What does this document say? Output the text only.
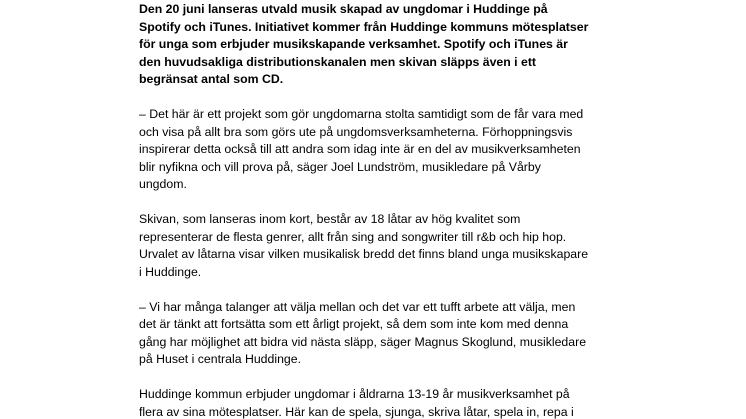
Den 20 juni lanseras utvald musik skapad av ungdomar i Huddinge på
Spotify och iTunes. Initiativet kommer från Huddinge kommuns mötesplatser
för unga som erbjuder musikskapande verksamhet. Spotify och iTunes är
den huvudsakliga distributionskanalen men skivan släpps även i ett
begränsat antal som CD.
– Det här är ett projekt som gör ungdomarna stolta samtidigt som de får vara med
och visa på allt bra som görs ute på ungdomsverksamheterna. Förhoppningsvis
inspirerar detta också till att andra som idag inte är en del av musikverksamheten
blir nyfikna och vill prova på, säger Joel Lundström, musikledare på Vårby
ungdom.
Skivan, som lanseras inom kort, består av 18 låtar av hög kvalitet som
representerar de flesta genrer, allt från sing and songwriter till r&b och hip hop.
Urvalet av låtarna visar vilken musikalisk bredd det finns bland unga musikskapare
i Huddinge.
– Vi har många talanger att välja mellan och det var ett tufft arbete att välja, men
det är tänkt att fortsätta som ett årligt projekt, så dem som inte kom med denna
gång har möjlighet att bidra vid nästa släpp, säger Magnus Skoglund, musikledare
på Huset i centrala Huddinge.
Huddinge kommun erbjuder ungdomar i åldrarna 13-19 år musikverksamhet på
flera av sina mötesplatser. Här kan de spela, sjunga, skriva låtar, spela in, repa i
